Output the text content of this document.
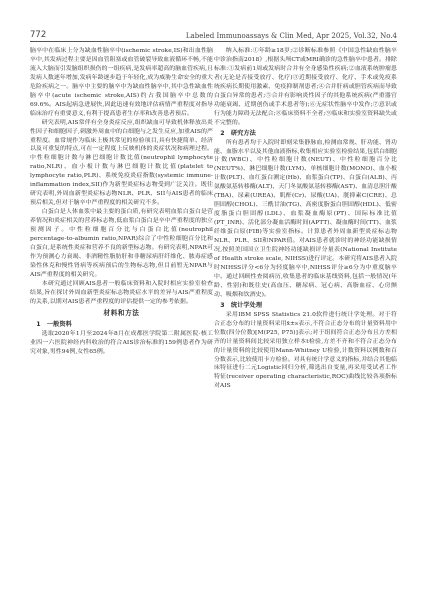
772	Labeled Immunoassays & Clin Med, Apr 2025, Vol.32, No.4

脑卒中在临床上分为缺血性脑卒中(ischemic stroke,IS)和出血性脑卒中,其发病过程主要是因血管阻塞或血管破裂导致血液循环不畅,不能流入大脑而引发脑组织损伤的一组疾病,是发病率超高的脑血管疾病,且发病人数逐年增加,发病年龄逐步趋于年轻化,成为威胁生命安全的重大危险疾病之一。脑卒中主要的脑卒中为缺血性脑卒中,其中急性缺血性脑卒中(acute ischemic stroke,AIS)约占我国脑卒中总数的69.6%。AIS起病急进展快,因此迅速有效地评估病情严重程度对指导临床治疗有重要意义,有利于提高患者生存率和改善患者预后。

研究表明,AIS常伴有全身炎症反应,组织缺血可导致机体释放出炎性因子和细胞因子,刺激外周血中的白细胞与之发生反应,加重AIS的严重程度。血常规作为临床上极其常见的检验项目,具有快捷简单、经济以及可重复的特点,可在一定程度上反映机体的炎症状况和病理过程。中性粒细胞计数与淋巴细胞计数比值(neutrophil lymphocyte ratio,NLR)、血小板计数与淋巴细胞计数比值(platelet to lymphocyte ratio,PLR)、系统免疫炎症指数(systemic immune-inflammation index,SII)作为新型炎症标志物受到广泛关注。既往研究表明,外周血新型炎症标志物NLR、PLR、SII与AIS患者的临床预后相关,但对于脑卒中严重程度的相关研究不多。

白蛋白是人体血浆中最主要的蛋白质,有研究表明血浆白蛋白是营养情况和炎症相关的营养标志物,低血浆白蛋白是卒中严重程度的独立预测因子。中性粒细胞百分比与白蛋白比值(neutrophil percentage-to-albumin ratio,NPAR)综合了中性粒细胞百分比和白蛋白,是系统性炎症和营养不良的新型标志物。有研究表明,NPAR可作为预测心力衰竭、非酒精性脂肪肝和非糖尿病肝纤维化、脓毒症感染性休克和慢性肾病等疾病预后的生物标志物,但目前暂无NPAR与AIS严重程度的相关研究。

本研究通过回顾AIS患者一般临床资料和入院时相应实验室检查结果,旨在探讨外周血新型炎症标志物炎症水平的差异与AIS严重程度的关系,以期对AIS患者严重程度的评估提供一定的参考依据。

材料和方法
1　一般资料

选取2020年1月至2024年8月在成都医学院第二附属医院·核工业四一六医院神经内科收治的符合AIS诊治标准的159例患者作为研究对象,男性94例,女性65例。

纳入标准:①年龄≥18岁;②诊断标准参照《中国急性缺血性脑卒中诊治指南2018》,根据头颅CT或MRI确诊的急性脑卒中患者。排除标准:①发病前1周或发病时合并有全身感染性疾病;②血液系统肿瘤患者(无论是否接受放疗、化疗)③近期接受放疗、化疗、手术或免疫系统疾病长期使用激素、免疫抑制剂患者;④合并肝病或胆管疾病而导致白蛋白异常的患者;⑤合并有影响炎性因子的其他系统疾病(严重器官功能衰竭、近期创伤或手术患者等);⑥无症状性脑卒中发作;⑦意识或行为能力障碍无法配合;⑧临床资料不全者;⑨临床和实验室资料缺失或不完整的。

2　研究方法

所有患者均于入院时即刻采集静脉血,检测血常规、肝功能、肾功能、血脂水平以及其他血液指标,收集相应实验室检验结果,包括白细胞计数(WBC)、中性粒细胞计数(NEUT)、中性粒细胞百分比(NEUT%)、淋巴细胞计数(LYM)、单核细胞计数(MONO)、血小板计数(PLT)、血红蛋白测定(Hb)、血浆蛋白(TP)、白蛋白(ALB)、丙氨酸氨基转移酶(ALT)、天门冬氨酸氨基转移酶(AST)、血清总胆汁酸(TBA)、尿素(UREA)、肌酐(Cr)、尿酸(UA)、胱抑素C(CRE)、总胆固醇(CHOL)、三酰甘油(TG)、高密度脂蛋白胆固醇(HDL)、低密度脂蛋白胆固醇(LDL)、血浆凝血酶原(PT)、国际标准比值(PT_INR)、活化部分凝血活酶时间(APTT)、凝血酶时间(TT)、血浆纤维蛋白原(FIB)等实验室指标。计算患者外周血新型炎症标志物NLR、PLR、SII和NPAR值。对AIS患者就诊时的神经功能缺损情况,按照美国国立卫生院神经功能缺损评分量表(National Institute of Health stroke scale, NIHSS)进行评定。本研究将AIS患者入院时NIHSS评分<6分为轻度脑卒中,NIHSS评分≥6分为中重度脑卒中。通过回顾性查阅病历,收集患者的临床基线资料,包括一般情况(年龄、性别)和既往史(高血压、糖尿病、冠心病、高脂血症、心房颤动、吸烟和饮酒史)。

3　统计学处理

采用IBM SPSS Statistics 21.0软件进行统计学处理。对于符合正态分布的计量资料采用x̄±s表示,不符合正态分布的计量资料用中位数(四分位数)[M(P25, P75)]表示;对于组间符合正态分布且方差相齐的计量资料间比较采用独立样本t检验,方差不齐和不符合正态分布的计量资料的比较使用Mann-Whitney U检验,计数资料以例数和百分数表示,比较使用卡方检验。对具有统计学意义的指标,并结合其他临床特征进行二元Logistic回归分析,筛选出自变量,再采用受试者工作特征(receiver operating characteristic,ROC)曲线比较各项指标对AIS
